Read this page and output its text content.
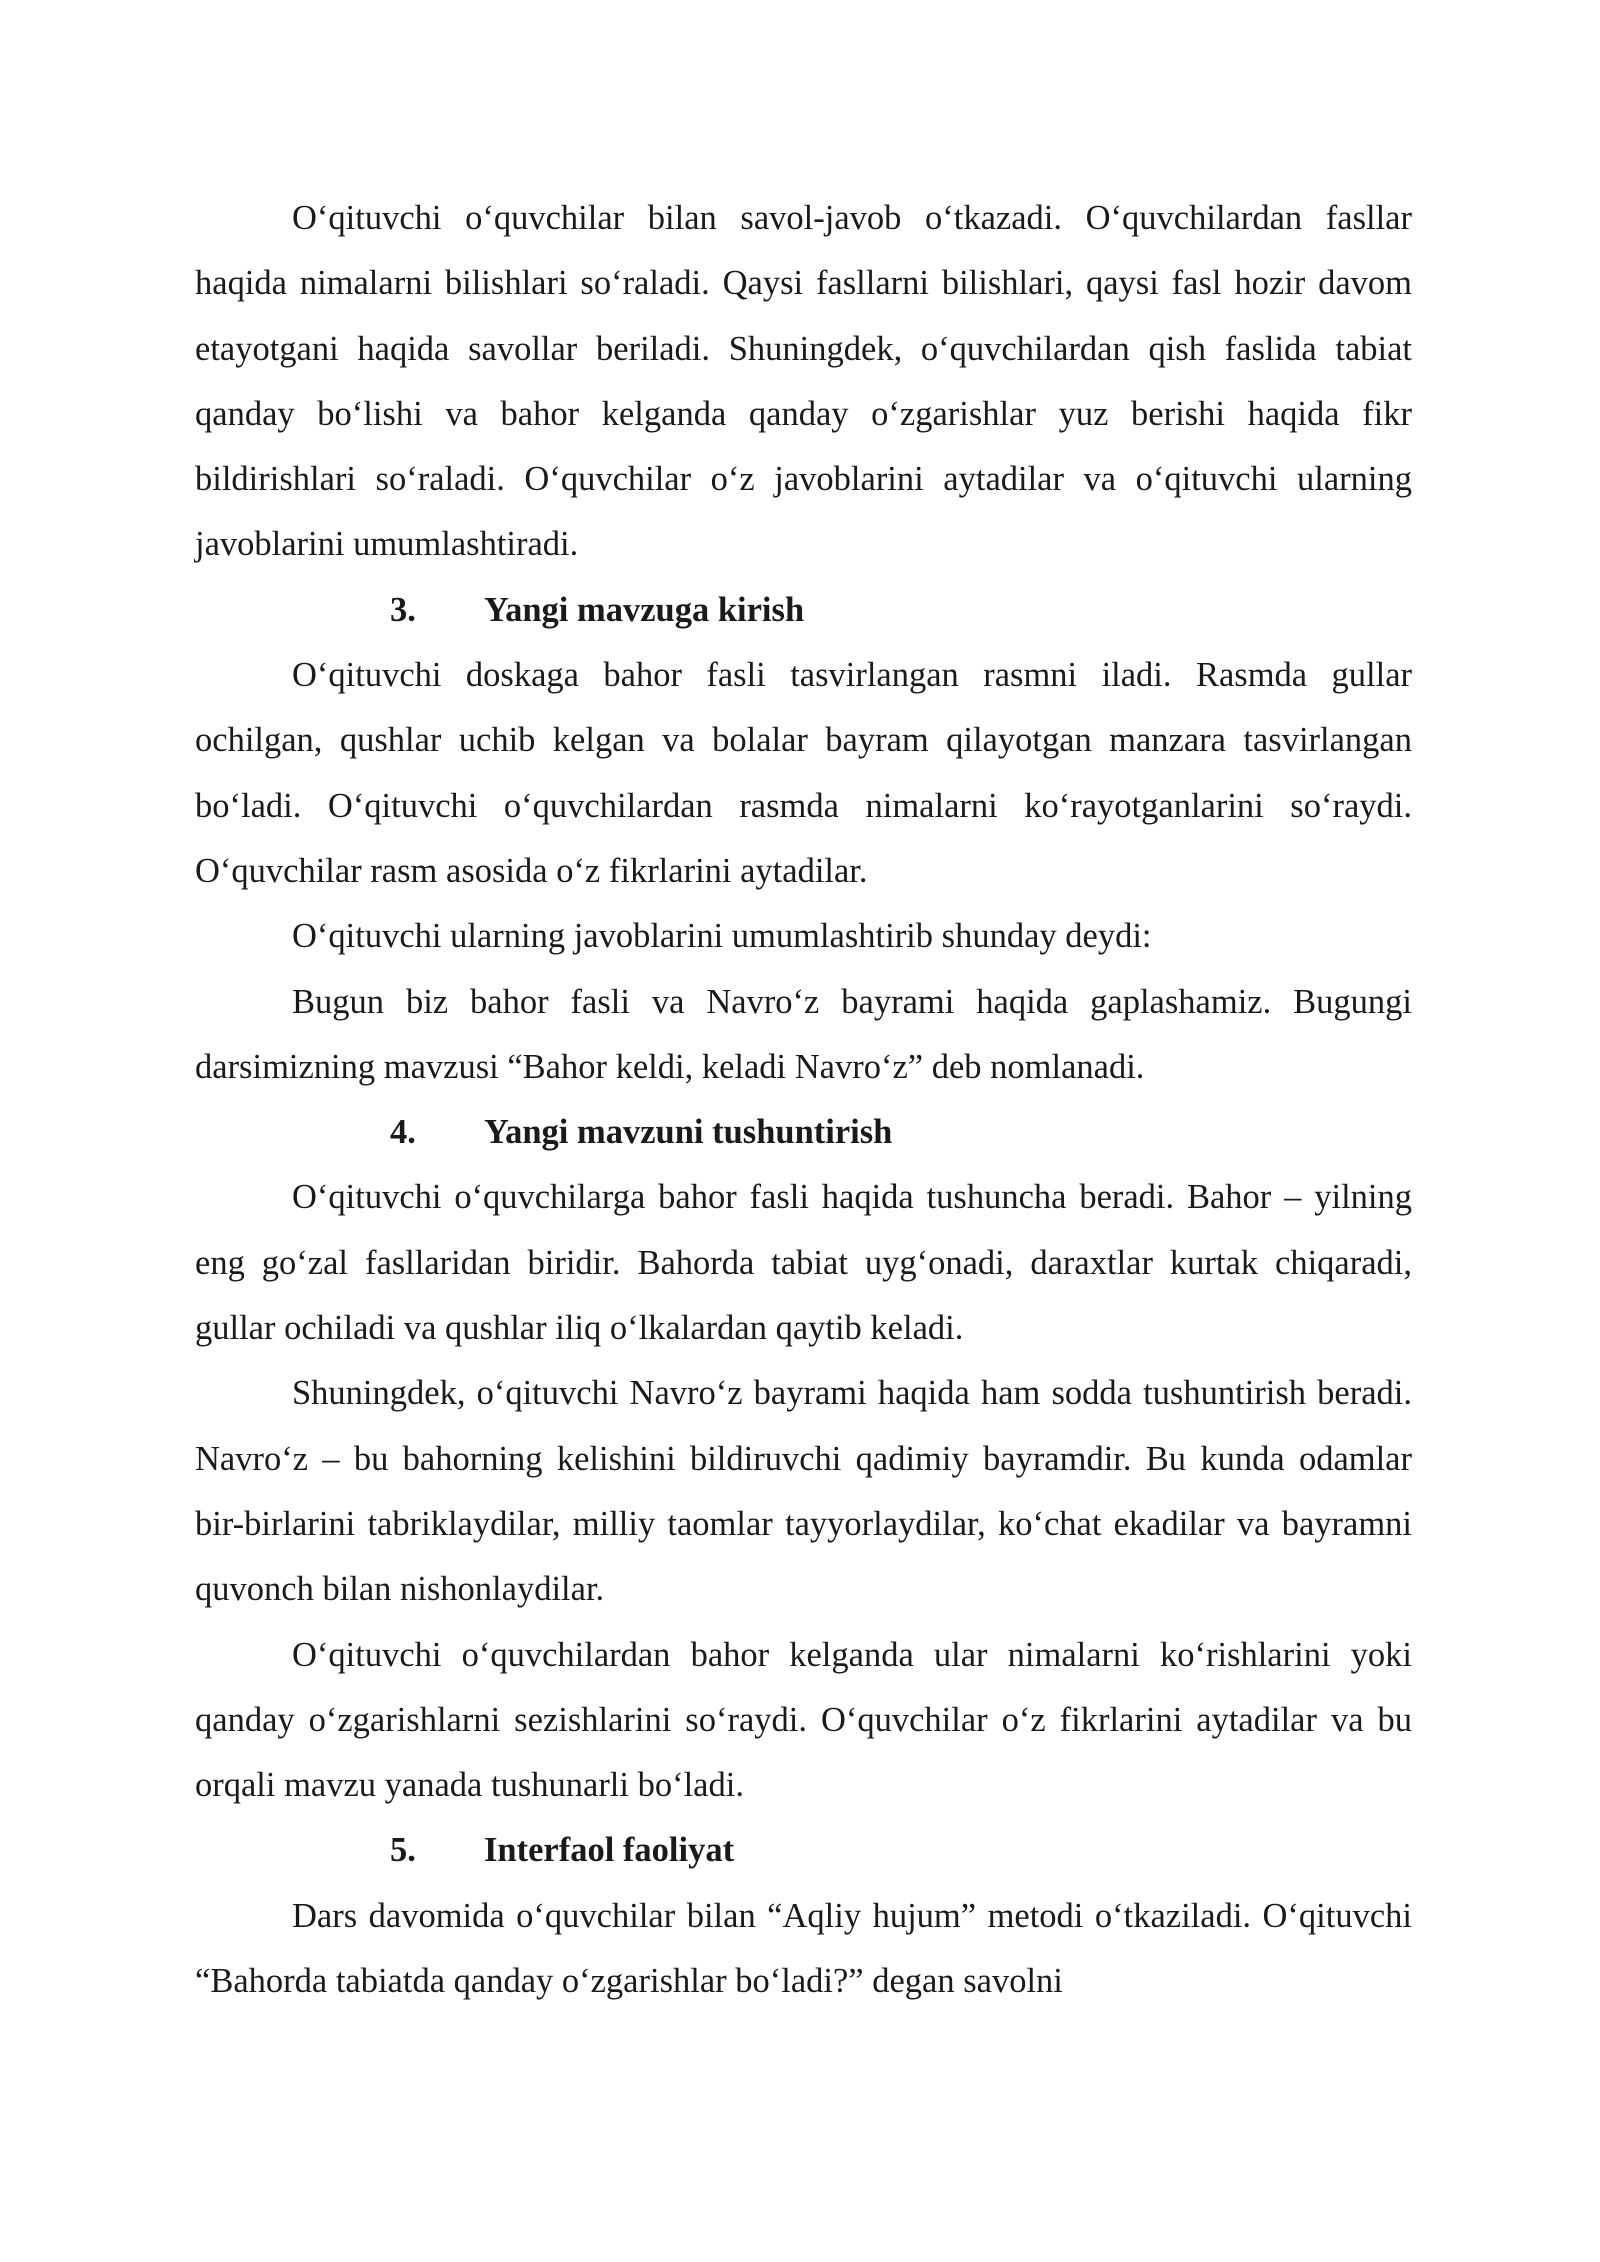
O‘qituvchi o‘quvchilar bilan savol-javob o‘tkazadi. O‘quvchilardan fasllar haqida nimalarni bilishlari so‘raladi. Qaysi fasllarni bilishlari, qaysi fasl hozir davom etayotgani haqida savollar beriladi. Shuningdek, o‘quvchilardan qish faslida tabiat qanday bo‘lishi va bahor kelganda qanday o‘zgarishlar yuz berishi haqida fikr bildirishlari so‘raladi. O‘quvchilar o‘z javoblarini aytadilar va o‘qituvchi ularning javoblarini umumlashtiradi.

3.	Yangi mavzuga kirish

O‘qituvchi doskaga bahor fasli tasvirlangan rasmni iladi. Rasmda gullar ochilgan, qushlar uchib kelgan va bolalar bayram qilayotgan manzara tasvirlangan bo‘ladi. O‘qituvchi o‘quvchilardan rasmda nimalarni ko‘rayotganlarini so‘raydi. O‘quvchilar rasm asosida o‘z fikrlarini aytadilar.

O‘qituvchi ularning javoblarini umumlashtirib shunday deydi:

Bugun biz bahor fasli va Navro‘z bayrami haqida gaplashamiz. Bugungi darsimizning mavzusi “Bahor keldi, keladi Navro‘z” deb nomlanadi.

4.	Yangi mavzuni tushuntirish

O‘qituvchi o‘quvchilarga bahor fasli haqida tushuncha beradi. Bahor – yilning eng go‘zal fasllaridan biridir. Bahorda tabiat uyg‘onadi, daraxtlar kurtak chiqaradi, gullar ochiladi va qushlar iliq o‘lkalardan qaytib keladi.

Shuningdek, o‘qituvchi Navro‘z bayrami haqida ham sodda tushuntirish beradi. Navro‘z – bu bahorning kelishini bildiruvchi qadimiy bayramdir. Bu kunda odamlar bir-birlarini tabriklaydilar, milliy taomlar tayyorlaydilar, ko‘chat ekadilar va bayramni quvonch bilan nishonlaydilar.

O‘qituvchi o‘quvchilardan bahor kelganda ular nimalarni ko‘rishlarini yoki qanday o‘zgarishlarni sezishlarini so‘raydi. O‘quvchilar o‘z fikrlarini aytadilar va bu orqali mavzu yanada tushunarli bo‘ladi.

5.	Interfaol faoliyat

Dars davomida o‘quvchilar bilan “Aqliy hujum” metodi o‘tkaziladi. O‘qituvchi “Bahorda tabiatda qanday o‘zgarishlar bo‘ladi?” degan savolni
